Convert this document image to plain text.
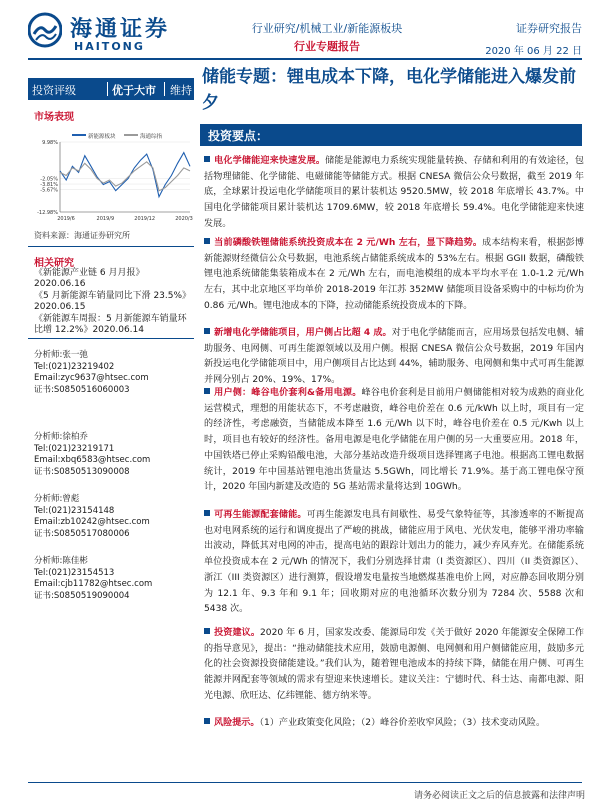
海通证券
HAITONG
行业研究/机械工业/新能源板块
行业专题报告
证券研究报告
2020 年 06 月 22 日
投资评级	优于大市 维持
市场表现
新能源板块	海通综指
9.98%
-2.05%
-3.81%
-5.67%
-12.98%
2019/6	2019/9	2019/12	2020/3
资料来源：海通证券研究所
相关研究
《新能源产业链 6 月月报》2020.06.16
《5 月新能源车销量同比下滑 23.5%》2020.06.15
《新能源车周报：5 月新能源车销量环比增 12.2%》2020.06.14
分析师:张一弛
Tel:(021)23219402
Email:zyc9637@htsec.com
证书:S0850516060003
分析师:徐柏乔
Tel:(021)23219171
Email:xbq6583@htsec.com
证书:S0850513090008
分析师:曾彪
Tel:(021)23154148
Email:zb10242@htsec.com
证书:S0850517080006
分析师:陈佳彬
Tel:(021)23154513
Email:cjb11782@htsec.com
证书:S0850519090004
储能专题：锂电成本下降，电化学储能进入爆发前夕
投资要点：
电化学储能迎来快速发展。储能是能源电力系统实现能量转换、存储和利用的有效途径，包括物理储能、化学储能、电磁储能等储能方式。根据 CNESA 微信公众号数据，截至 2019 年底，全球累计投运电化学储能项目的累计装机达 9520.5MW，较 2018 年底增长 43.7%。中国电化学储能项目累计装机达 1709.6MW，较 2018 年底增长 59.4%。电化学储能迎来快速发展。
当前磷酸铁锂储能系统投资成本在 2 元/Wh 左右，显下降趋势。成本结构来看，根据彭博新能源财经微信公众号数据，电池系统占储能系统成本的 53%左右。根据 GGII 数据，磷酸铁锂电池系统储能集装箱成本在 2 元/Wh 左右，而电池模组的成本平均水平在 1.0-1.2 元/Wh 左右，其中北京地区平均单价 2018-2019 年江苏 352MW 储能项目设备采购中的中标均价为 0.86 元/Wh。锂电池成本的下降，拉动储能系统投资成本的下降。
新增电化学储能项目，用户侧占比超 4 成。对于电化学储能而言，应用场景包括发电侧、辅助服务、电网侧、可再生能源领域以及用户侧。根据 CNESA 微信公众号数据，2019 年国内新投运电化学储能项目中，用户侧项目占比达到 44%，辅助服务、电网侧和集中式可再生能源并网分别占 20%、19%、17%。
用户侧：峰谷电价套利&备用电源。峰谷电价套利是目前用户侧储能相对较为成熟的商业化运营模式，理想的用能状态下，不考虑融资，峰谷电价差在 0.6 元/kWh 以上时，项目有一定的经济性，考虑融资，当储能成本降至 1.6 元/Wh 以下时，峰谷电价差在 0.5 元/Kwh 以上时，项目也有较好的经济性。备用电源是电化学储能在用户侧的另一大重要应用。2018 年，中国铁塔已停止采购铅酸电池，大部分基站改造升级项目选择锂离子电池。根据高工锂电数据统计，2019 年中国基站锂电池出货量达 5.5GWh，同比增长 71.9%。基于高工锂电保守预计，2020 年国内新建及改造的 5G 基站需求量将达到 10GWh。
可再生能源配套储能。可再生能源发电具有间歇性、易受气象特征等，其渗透率的不断提高也对电网系统的运行和调度提出了严峻的挑战，储能应用于风电、光伏发电，能够平滑功率输出波动，降低其对电网的冲击，提高电站的跟踪计划出力的能力，减少弃风弃光。在储能系统单位投资成本在 2 元/Wh 的情况下，我们分别选择甘肃（I 类资源区）、四川（II 类资源区）、浙江（III 类资源区）进行测算，假设增发电量按当地燃煤基准电价上网，对应静态回收期分别为 12.1 年、9.3 年和 9.1 年；回收期对应的电池循环次数分别为 7284 次、5588 次和 5438 次。
投资建议。2020 年 6 月，国家发改委、能源局印发《关于做好 2020 年能源安全保障工作的指导意见》，提出：“推动储能技术应用，鼓励电源侧、电网侧和用户侧储能应用，鼓励多元化的社会资源投资储能建设。”我们认为，随着锂电池成本的持续下降，储能在用户侧、可再生能源并网配套等领域的需求有望迎来快速增长。建议关注：宁德时代、科士达、南都电源、阳光电源、欣旺达、亿纬锂能、德方纳米等。
风险提示。（1）产业政策变化风险；（2）峰谷价差收窄风险；（3）技术变动风险。
请务必阅读正文之后的信息披露和法律声明
